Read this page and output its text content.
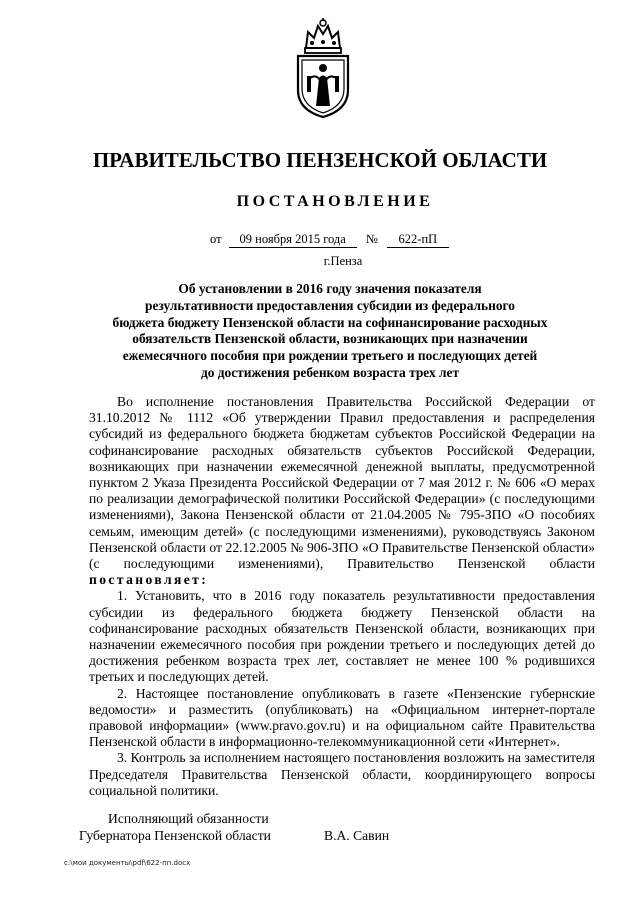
ПРАВИТЕЛЬСТВО ПЕНЗЕНСКОЙ ОБЛАСТИ
ПОСТАНОВЛЕНИЕ
от 09 ноября 2015 года № 622-пП
г.Пенза
Об установлении в 2016 году значения показателя
результативности предоставления субсидии из федерального
бюджета бюджету Пензенской области на софинансирование расходных
обязательств Пензенской области, возникающих при назначении
ежемесячного пособия при рождении третьего и последующих детей
до достижения ребенком возраста трех лет

Во исполнение постановления Правительства Российской Федерации от 31.10.2012 № 1112 «Об утверждении Правил предоставления и распределения субсидий из федерального бюджета бюджетам субъектов Российской Федерации на софинансирование расходных обязательств субъектов Российской Федерации, возникающих при назначении ежемесячной денежной выплаты, предусмотренной пунктом 2 Указа Президента Российской Федерации от 7 мая 2012 г. № 606 «О мерах по реализации демографической политики Российской Федерации» (с последующими изменениями), Закона Пензенской области от 21.04.2005 № 795-ЗПО «О пособиях семьям, имеющим детей» (с последующими изменениями), руководствуясь Законом Пензенской области от 22.12.2005 № 906-ЗПО «О Правительстве Пензенской области» (с последующими изменениями), Правительство Пензенской области постановляет:

1. Установить, что в 2016 году показатель результативности предоставления субсидии из федерального бюджета бюджету Пензенской области на софинансирование расходных обязательств Пензенской области, возникающих при назначении ежемесячного пособия при рождении третьего и последующих детей до достижения ребенком возраста трех лет, составляет не менее 100 % родившихся третьих и последующих детей.

2. Настоящее постановление опубликовать в газете «Пензенские губернские ведомости» и разместить (опубликовать) на «Официальном интернет-портале правовой информации» (www.pravo.gov.ru) и на официальном сайте Правительства Пензенской области в информационно-телекоммуникационной сети «Интернет».

3. Контроль за исполнением настоящего постановления возложить на заместителя Председателя Правительства Пензенской области, координирующего вопросы социальной политики.

Исполняющий обязанности
Губернатора Пензенской области	В.А. Савин
c:\мои документы\pdf\622-пп.docx
